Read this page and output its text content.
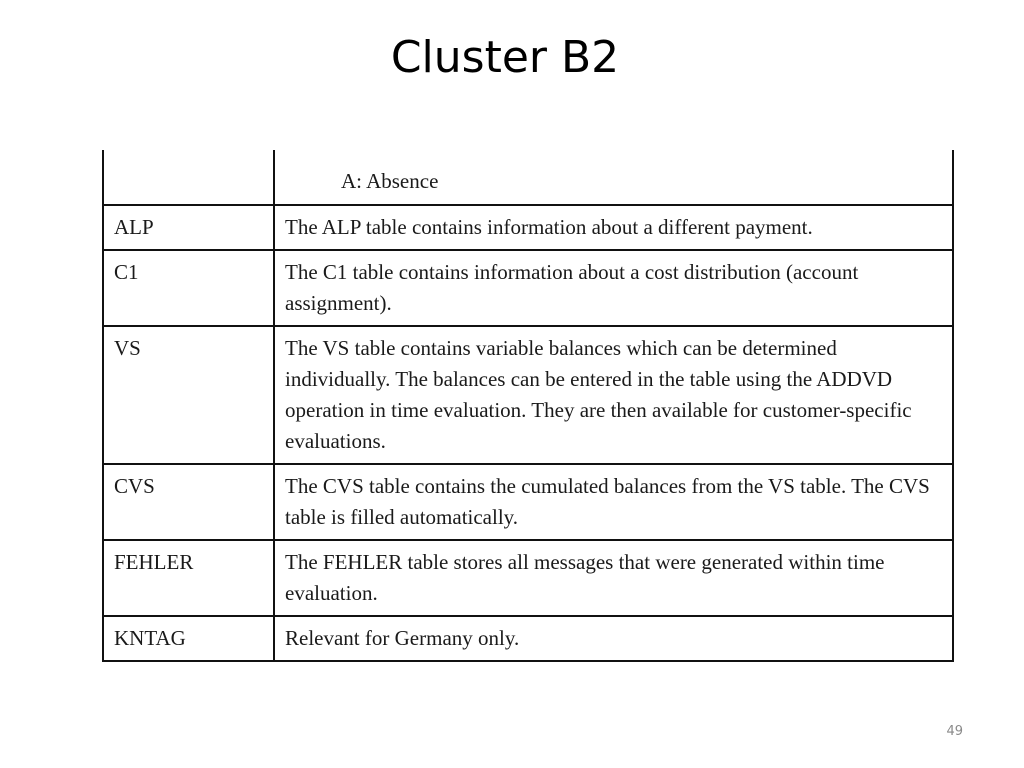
Cluster B2
	A: Absence
ALP	The ALP table contains information about a different payment.
C1	The C1 table contains information about a cost distribution (account assignment).
VS	The VS table contains variable balances which can be determined individually. The balances can be entered in the table using the ADDVD operation in time evaluation. They are then available for customer-specific evaluations.
CVS	The CVS table contains the cumulated balances from the VS table. The CVS table is filled automatically.
FEHLER	The FEHLER table stores all messages that were generated within time evaluation.
KNTAG	Relevant for Germany only.
49
